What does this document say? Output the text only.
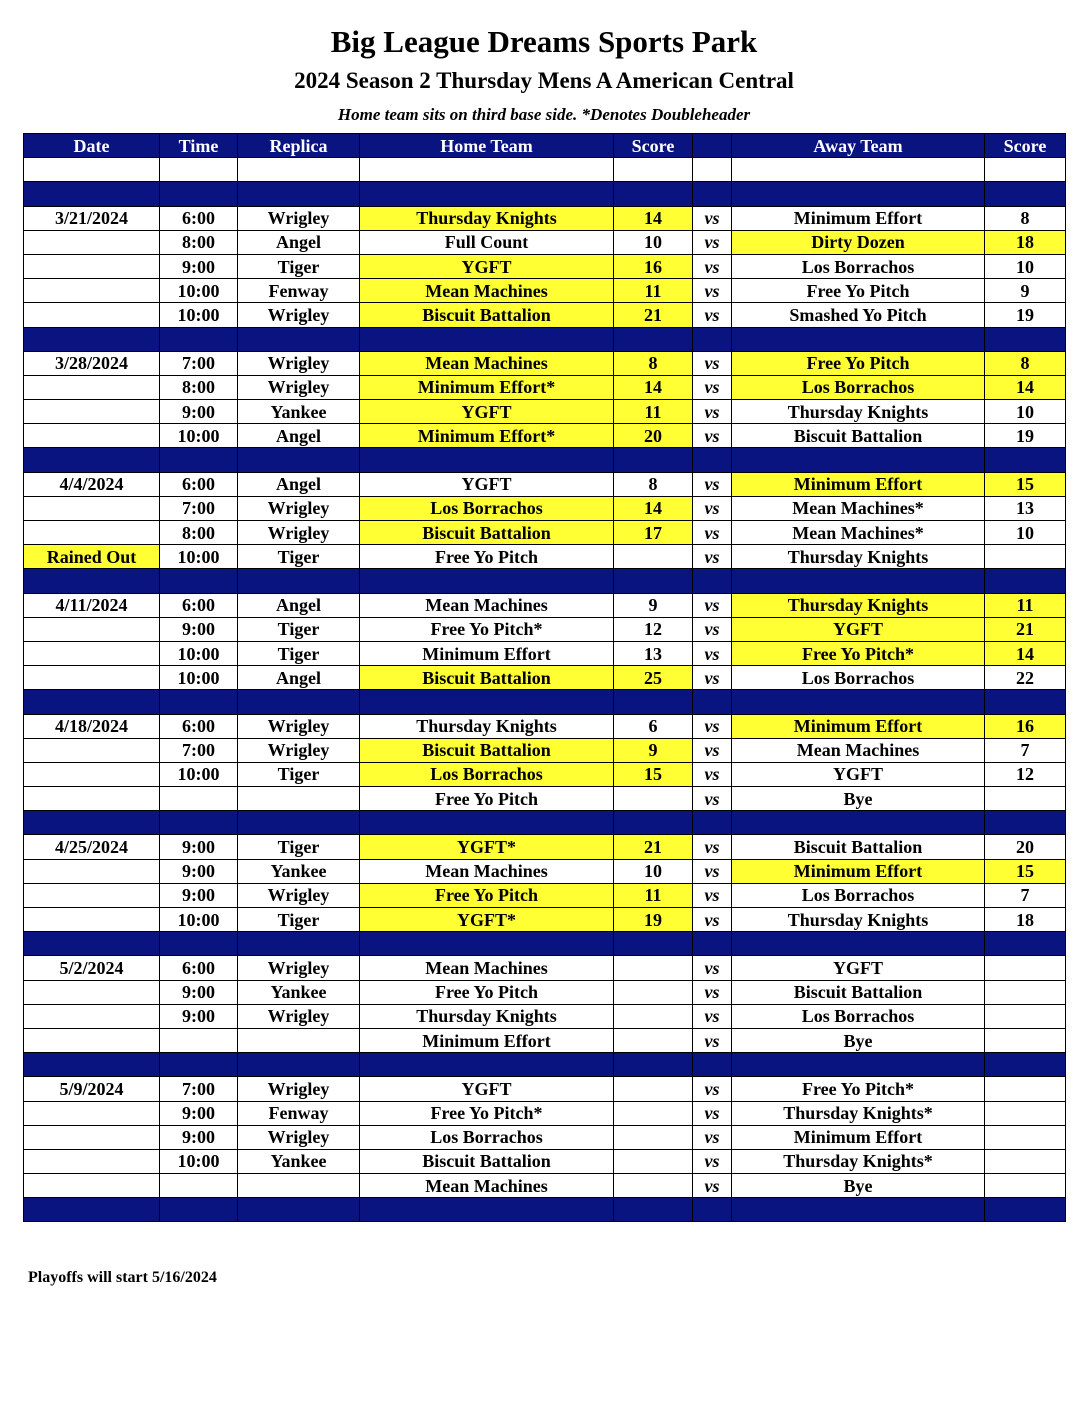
Big League Dreams Sports Park
2024 Season 2 Thursday Mens A American Central
Home team sits on third base side. *Denotes Doubleheader
Date	Time	Replica	Home Team	Score		Away Team	Score

3/21/2024	6:00	Wrigley	Thursday Knights	14	vs	Minimum Effort	8
	8:00	Angel	Full Count	10	vs	Dirty Dozen	18
	9:00	Tiger	YGFT	16	vs	Los Borrachos	10
	10:00	Fenway	Mean Machines	11	vs	Free Yo Pitch	9
	10:00	Wrigley	Biscuit Battalion	21	vs	Smashed Yo Pitch	19

3/28/2024	7:00	Wrigley	Mean Machines	8	vs	Free Yo Pitch	8
	8:00	Wrigley	Minimum Effort*	14	vs	Los Borrachos	14
	9:00	Yankee	YGFT	11	vs	Thursday Knights	10
	10:00	Angel	Minimum Effort*	20	vs	Biscuit Battalion	19

4/4/2024	6:00	Angel	YGFT	8	vs	Minimum Effort	15
	7:00	Wrigley	Los Borrachos	14	vs	Mean Machines*	13
	8:00	Wrigley	Biscuit Battalion	17	vs	Mean Machines*	10
Rained Out	10:00	Tiger	Free Yo Pitch		vs	Thursday Knights	

4/11/2024	6:00	Angel	Mean Machines	9	vs	Thursday Knights	11
	9:00	Tiger	Free Yo Pitch*	12	vs	YGFT	21
	10:00	Tiger	Minimum Effort	13	vs	Free Yo Pitch*	14
	10:00	Angel	Biscuit Battalion	25	vs	Los Borrachos	22

4/18/2024	6:00	Wrigley	Thursday Knights	6	vs	Minimum Effort	16
	7:00	Wrigley	Biscuit Battalion	9	vs	Mean Machines	7
	10:00	Tiger	Los Borrachos	15	vs	YGFT	12
			Free Yo Pitch		vs	Bye	

4/25/2024	9:00	Tiger	YGFT*	21	vs	Biscuit Battalion	20
	9:00	Yankee	Mean Machines	10	vs	Minimum Effort	15
	9:00	Wrigley	Free Yo Pitch	11	vs	Los Borrachos	7
	10:00	Tiger	YGFT*	19	vs	Thursday Knights	18

5/2/2024	6:00	Wrigley	Mean Machines		vs	YGFT	
	9:00	Yankee	Free Yo Pitch		vs	Biscuit Battalion	
	9:00	Wrigley	Thursday Knights		vs	Los Borrachos	
			Minimum Effort		vs	Bye	

5/9/2024	7:00	Wrigley	YGFT		vs	Free Yo Pitch*	
	9:00	Fenway	Free Yo Pitch*		vs	Thursday Knights*	
	9:00	Wrigley	Los Borrachos		vs	Minimum Effort	
	10:00	Yankee	Biscuit Battalion		vs	Thursday Knights*	
			Mean Machines		vs	Bye	

Playoffs will start 5/16/2024
